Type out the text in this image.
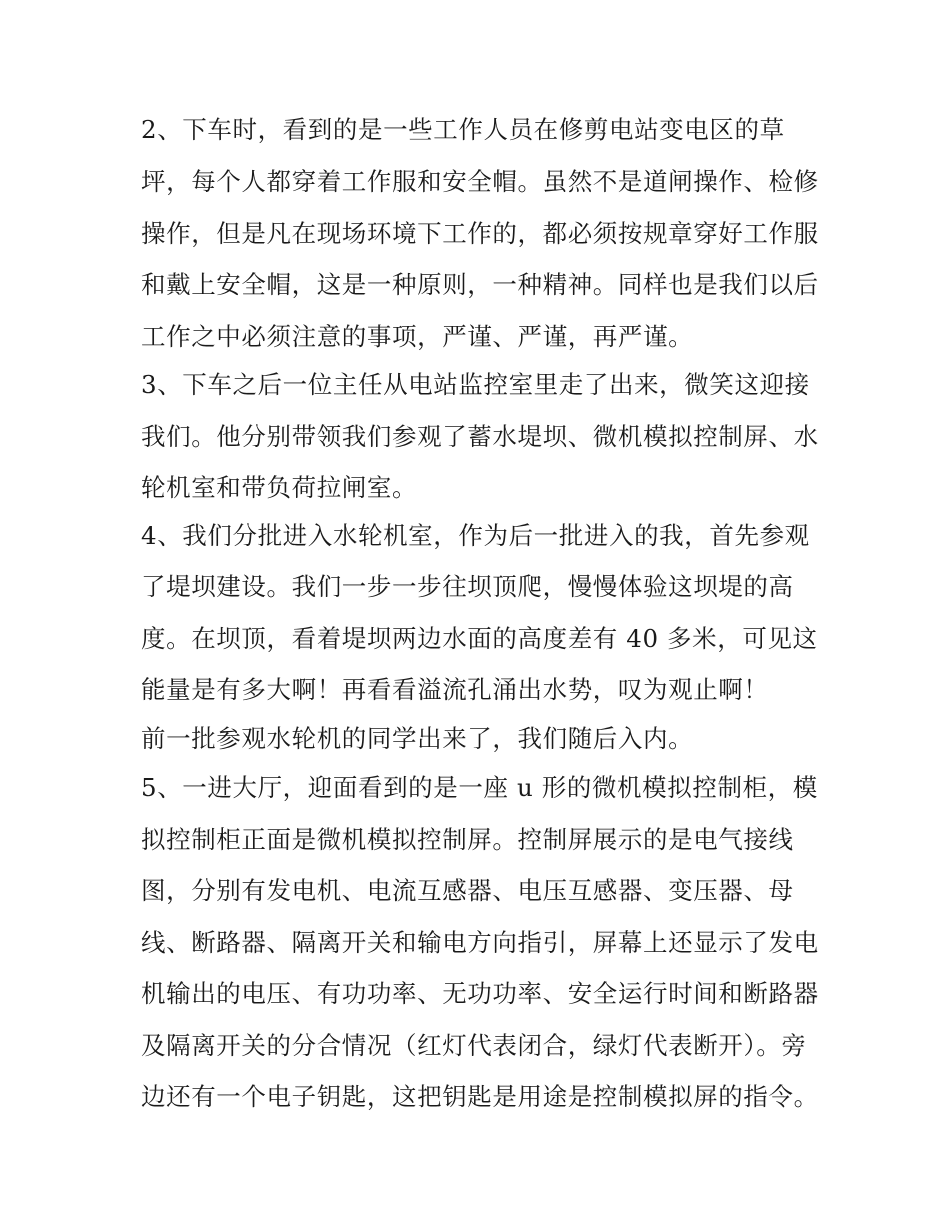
2、下车时，看到的是一些工作人员在修剪电站变电区的草
坪，每个人都穿着工作服和安全帽。虽然不是道闸操作、检修
操作，但是凡在现场环境下工作的，都必须按规章穿好工作服
和戴上安全帽，这是一种原则，一种精神。同样也是我们以后
工作之中必须注意的事项，严谨、严谨，再严谨。
3、下车之后一位主任从电站监控室里走了出来，微笑这迎接
我们。他分别带领我们参观了蓄水堤坝、微机模拟控制屏、水
轮机室和带负荷拉闸室。
4、我们分批进入水轮机室，作为后一批进入的我，首先参观
了堤坝建设。我们一步一步往坝顶爬，慢慢体验这坝堤的高
度。在坝顶，看着堤坝两边水面的高度差有 40 多米，可见这
能量是有多大啊！再看看溢流孔涌出水势，叹为观止啊！
前一批参观水轮机的同学出来了，我们随后入内。
5、一进大厅，迎面看到的是一座 u 形的微机模拟控制柜，模
拟控制柜正面是微机模拟控制屏。控制屏展示的是电气接线
图，分别有发电机、电流互感器、电压互感器、变压器、母
线、断路器、隔离开关和输电方向指引，屏幕上还显示了发电
机输出的电压、有功功率、无功功率、安全运行时间和断路器
及隔离开关的分合情况（红灯代表闭合，绿灯代表断开）。旁
边还有一个电子钥匙，这把钥匙是用途是控制模拟屏的指令。
